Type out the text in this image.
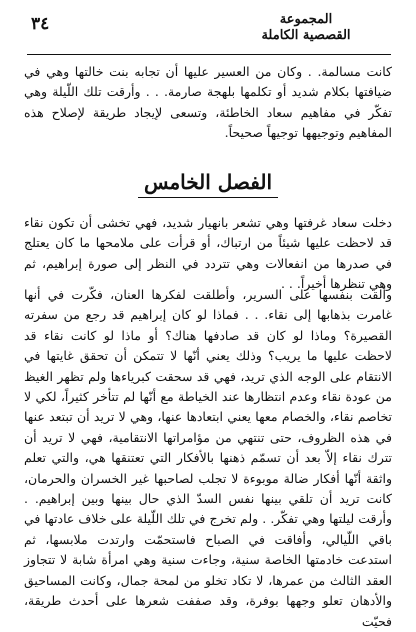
٣٤	المجموعة
القصصية الكاملة

كانت مسالمة. . وكان من العسير عليها أن تجابه بنت خالتها وهي في ضيافتها بكلام شديد أو تكلمها بلهجة صارمة. . . وأرقت تلك اللّيلة وهي تفكّر في مفاهيم سعاد الخاطئة، وتسعى لإيجاد طريقة لإصلاح هذه المفاهيم وتوجيهها توجيهاً صحيحاً.

الفصل الخامس

دخلت سعاد غرفتها وهي تشعر بانهيار شديد، فهي تخشى أن تكون نقاء قد لاحظت عليها شيئاً من ارتباك، أو قرأت على ملامحها ما كان يعتلج في صدرها من انفعالات وهي تتردد في النظر إلى صورة إبراهيم، ثم وهي تنظرها أخيراً. . .

وألقت بنفسها على السرير، وأطلقت لفكرها العنان، فكّرت في أنها غامرت بذهابها إلى نقاء. . . فماذا لو كان إبراهيم قد رجع من سفرته القصيرة؟ وماذا لو كان قد صادفها هناك؟ أو ماذا لو كانت نقاء قد لاحظت عليها ما يريب؟ وذلك يعني أنّها لا تتمكن أن تحقق غايتها في الانتقام على الوجه الذي تريد، فهي قد سحقت كبرياءها ولم تظهر الغيظ من عودة نقاء وعدم انتظارها عند الخياطة مع أنّها لم تتأخر كثيراً، لكي لا تخاصم نقاء، والخصام معها يعني ابتعادها عنها، وهي لا تريد أن تبتعد عنها في هذه الظروف، حتى تنتهي من مؤامراتها الانتقامية، فهي لا تريد أن تترك نقاء إلاّ بعد أن تسمّم ذهنها بالأفكار التي تعتنقها هي، والتي تعلم واثقة أنّها أفكار ضالة موبوءة لا تجلب لصاحبها غير الخسران والحرمان، كانت تريد أن تلقي بينها نفس السدّ الذي حال بينها وبين إبراهيم. . وأرقت ليلتها وهي تفكّر. . ولم تخرج في تلك اللّيلة على خلاف عادتها في باقي اللّيالي، وأفاقت في الصباح فاستحمّت وارتدت ملابسها، ثم استدعت خادمتها الخاصة سنية، وجاءت سنية وهي امرأة شابة لا تتجاوز العقد الثالث من عمرها، لا تكاد تخلو من لمحة جمال، وكانت المساحيق والأدهان تعلو وجهها بوفرة، وقد صففت شعرها على أحدث طريقة، فحيّت
